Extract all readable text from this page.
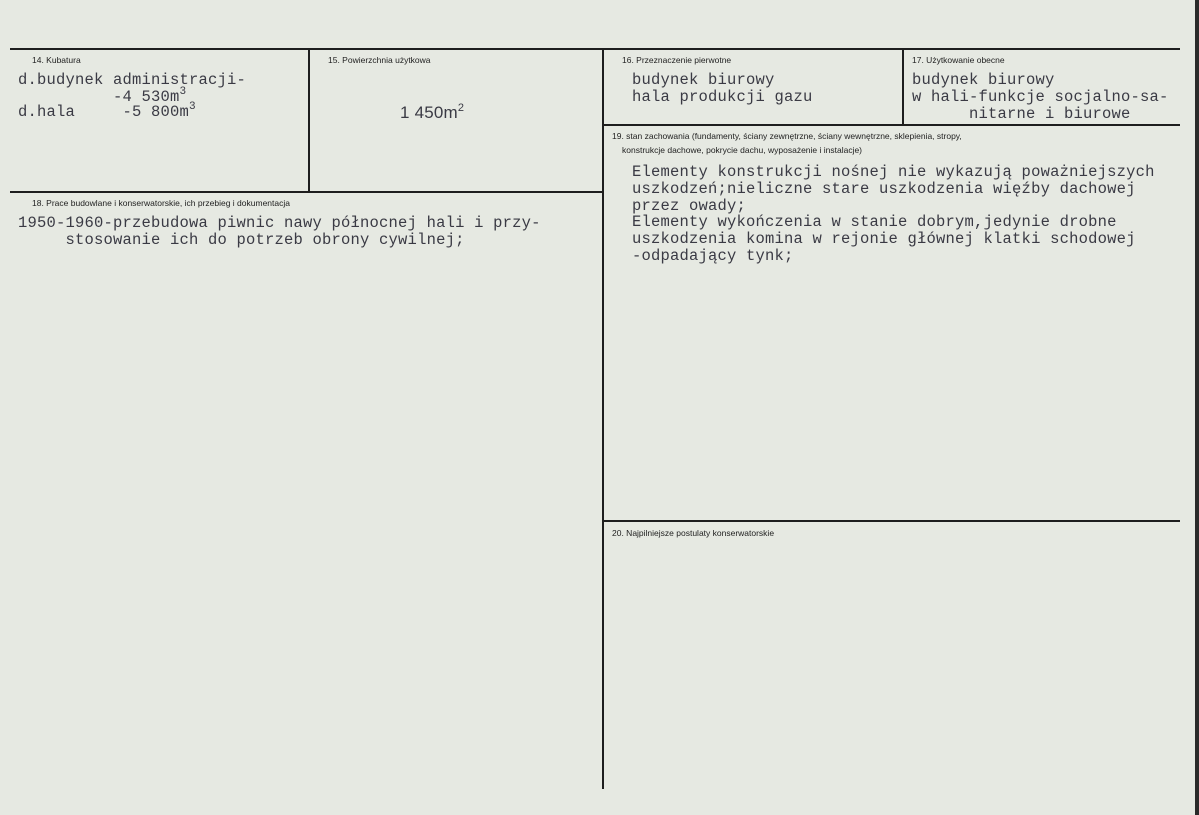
14. Kubatura
d.budynek administracji-
-4 $530m^3$
d.hala     -5 $800m^3$
15. Powierzchnia użytkowa
1 $450m^2$
16. Przeznaczenie pierwotne
budynek biurowy
hala produkcji gazu
17. Użytkowanie obecne
budynek biurowy
w hali-funkcje socjalno-sa-
nitarne i biurowe
18. Prace budowlane i konserwatorskie, ich przebieg i dokumentacja
1950-1960-przebudowa piwnic nawy północnej hali i przy-
stosowanie ich do potrzeb obrony cywilnej;
19. stan zachowania (fundamenty, ściany zewnętrzne, ściany wewnętrzne, sklepienia, stropy,
konstrukcje dachowe, pokrycie dachu, wyposażenie i instalacje)
Elementy konstrukcji nośnej nie wykazują poważniejszych
uszkodzeń;nieliczne stare uszkodzenia więźby dachowej
przez owady;
Elementy wykończenia w stanie dobrym,jedynie drobne
uszkodzenia komina w rejonie głównej klatki schodowej
-odpadający tynk;
20. Najpilniejsze postulaty konserwatorskie
